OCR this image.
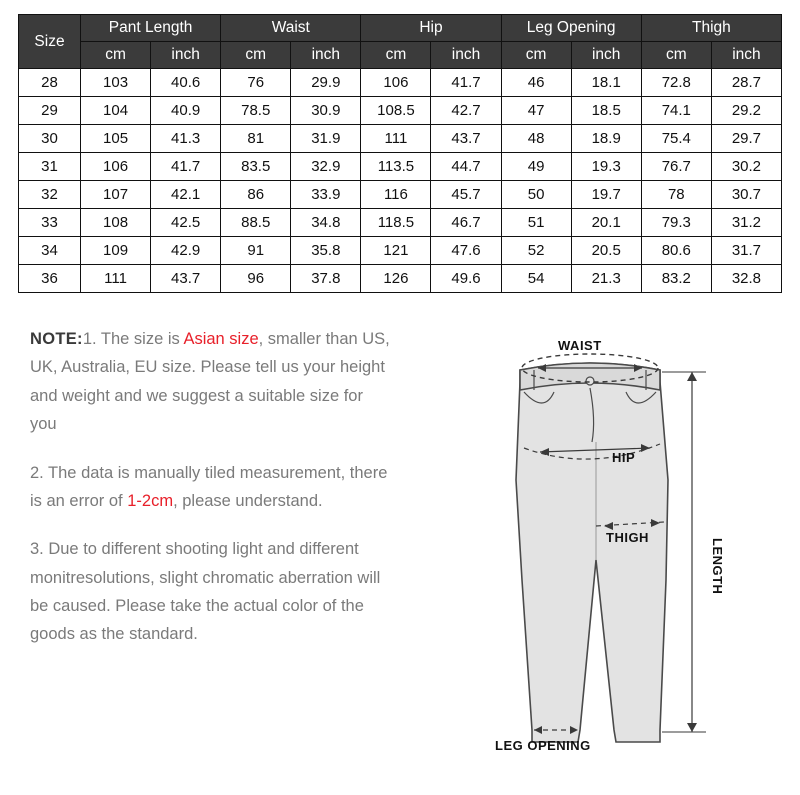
Size	Pant Length		Waist		Hip		Leg Opening		Thigh	
	cm	inch	cm	inch	cm	inch	cm	inch	cm	inch
28	103	40.6	76	29.9	106	41.7	46	18.1	72.8	28.7
29	104	40.9	78.5	30.9	108.5	42.7	47	18.5	74.1	29.2
30	105	41.3	81	31.9	111	43.7	48	18.9	75.4	29.7
31	106	41.7	83.5	32.9	113.5	44.7	49	19.3	76.7	30.2
32	107	42.1	86	33.9	116	45.7	50	19.7	78	30.7
33	108	42.5	88.5	34.8	118.5	46.7	51	20.1	79.3	31.2
34	109	42.9	91	35.8	121	47.6	52	20.5	80.6	31.7
36	111	43.7	96	37.8	126	49.6	54	21.3	83.2	32.8

NOTE:1. The size is Asian size, smaller than US, UK, Australia, EU size. Please tell us your height and weight and we suggest a suitable size for you

2. The data is manually tiled measurement, there is an error of 1-2cm, please understand.

3. Due to different shooting light and different monitresolutions, slight chromatic aberration will be caused. Please take the actual color of the goods as the standard.

WAIST
HIP
THIGH
LENGTH
LEG OPENING
